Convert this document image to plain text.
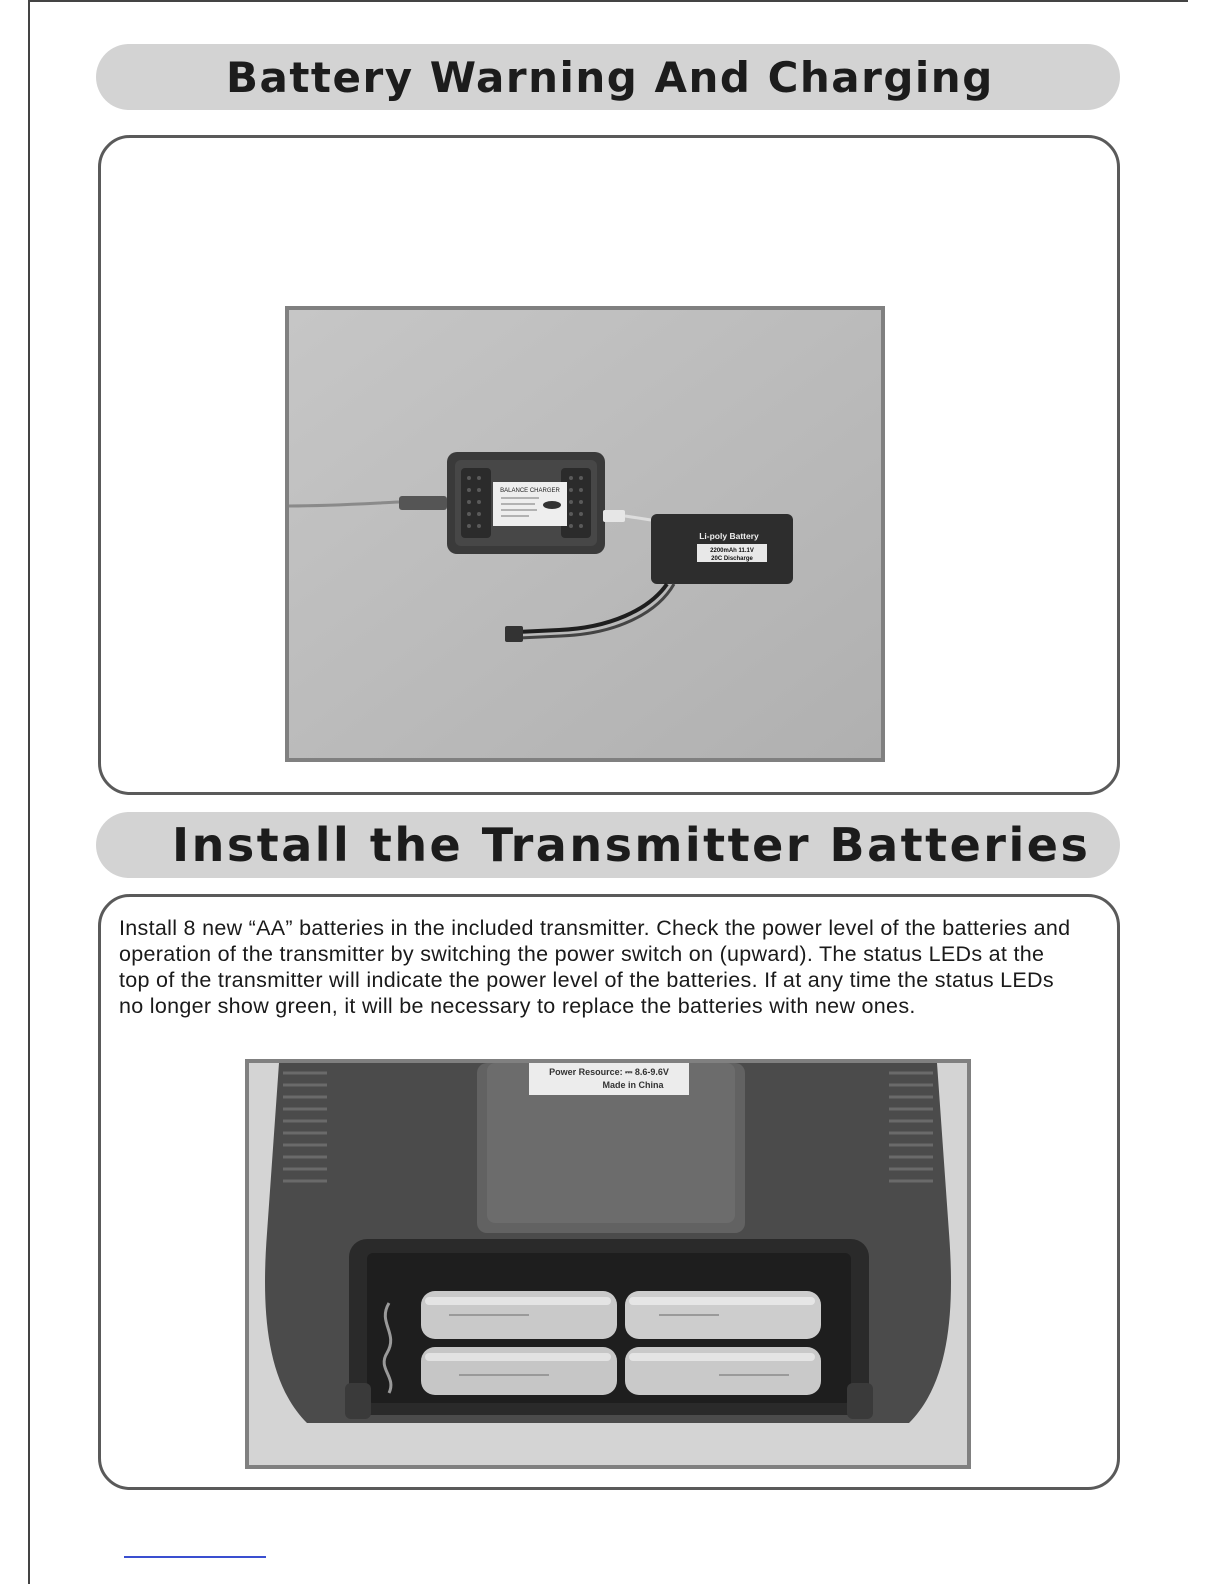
Battery Warning And Charging
BALANCE CHARGER
Li-poly Battery
2200mAh 11.1V
20C Discharge
Install the Transmitter Batteries

Install 8 new “AA” batteries in the included transmitter. Check the power level of the batteries and operation of the transmitter by switching the power switch on (upward). The status LEDs at the top of the transmitter will indicate the power level of the batteries. If at any time the status LEDs no longer show green, it will be necessary to replace the batteries with new ones.

Power Resource: ⎓ 8.6-9.6V
Made in China
